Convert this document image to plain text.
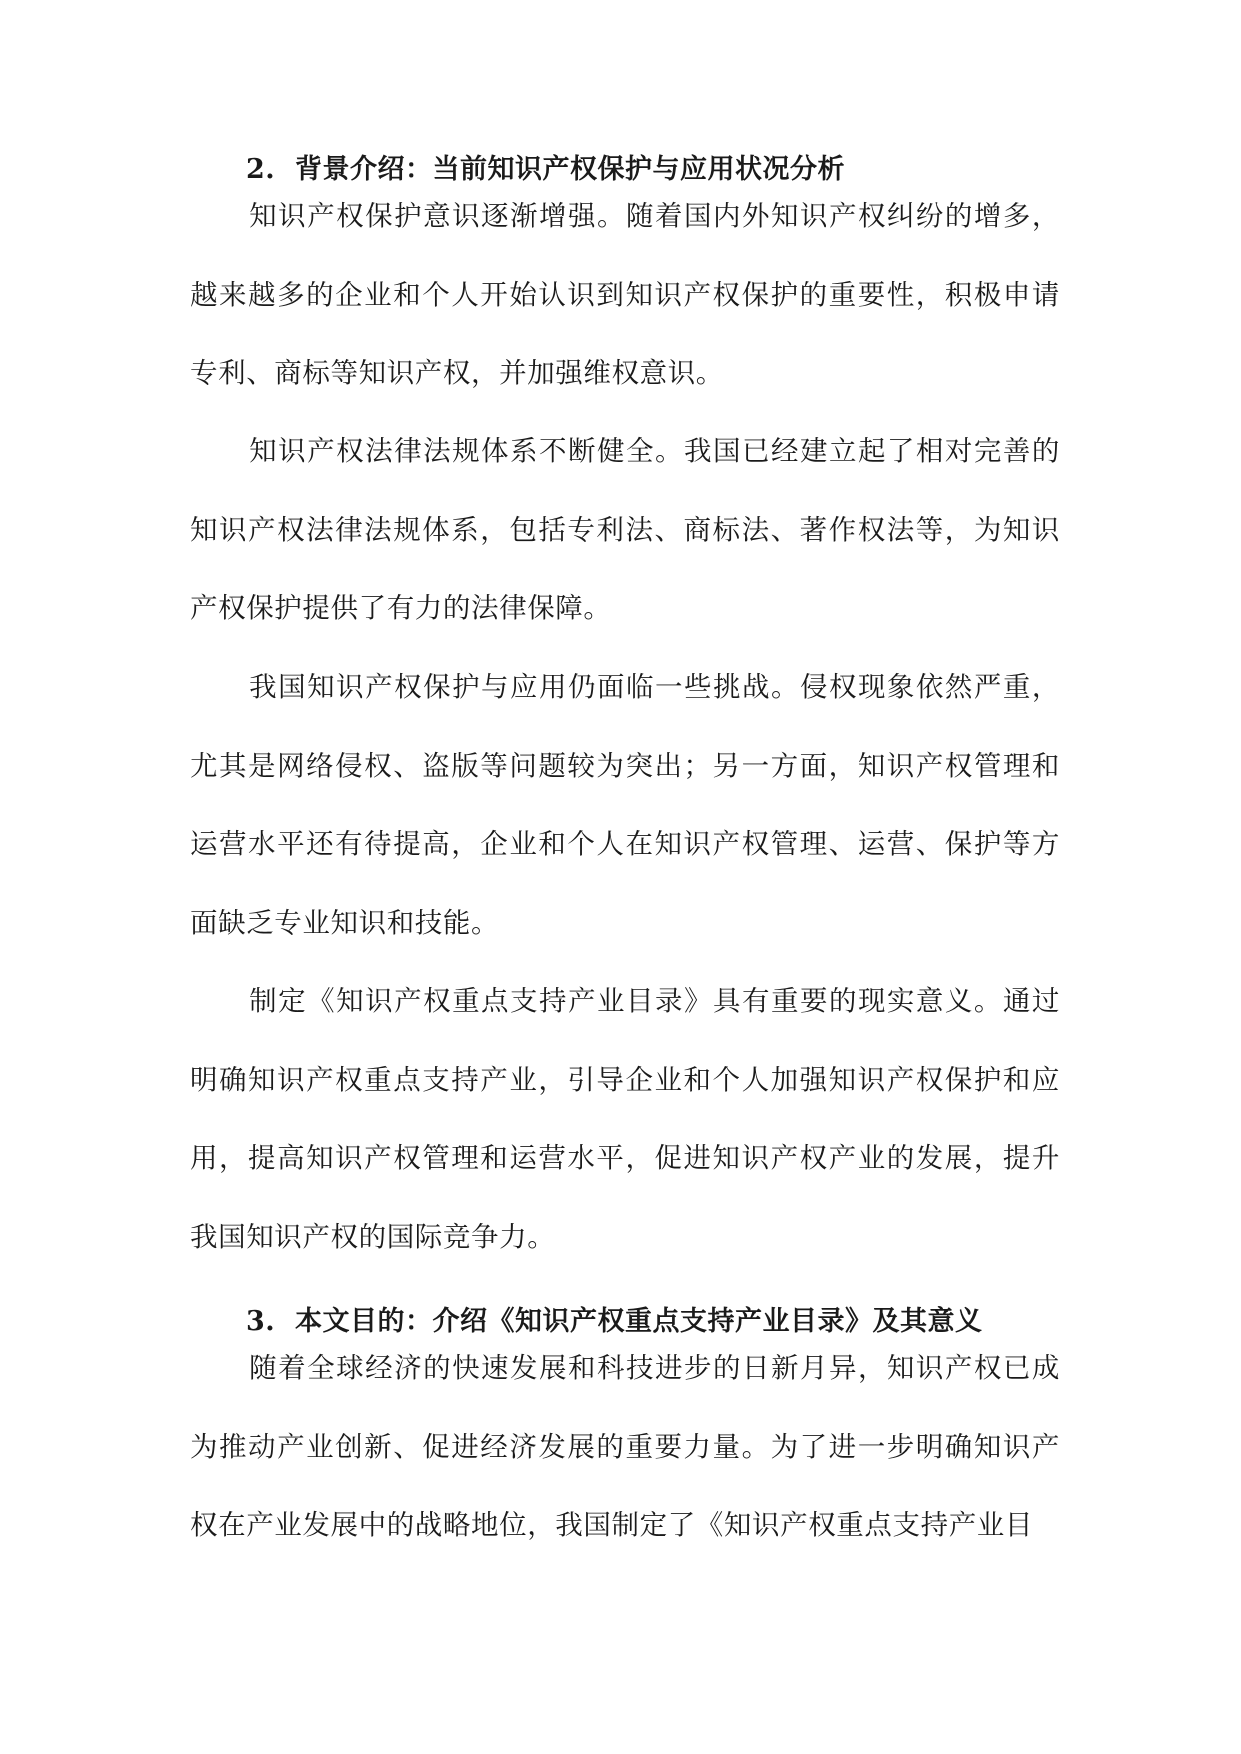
2. 背景介绍：当前知识产权保护与应用状况分析

知识产权保护意识逐渐增强。随着国内外知识产权纠纷的增多，越来越多的企业和个人开始认识到知识产权保护的重要性，积极申请专利、商标等知识产权，并加强维权意识。

知识产权法律法规体系不断健全。我国已经建立起了相对完善的知识产权法律法规体系，包括专利法、商标法、著作权法等，为知识产权保护提供了有力的法律保障。

我国知识产权保护与应用仍面临一些挑战。侵权现象依然严重，尤其是网络侵权、盗版等问题较为突出；另一方面，知识产权管理和运营水平还有待提高，企业和个人在知识产权管理、运营、保护等方面缺乏专业知识和技能。

制定《知识产权重点支持产业目录》具有重要的现实意义。通过明确知识产权重点支持产业，引导企业和个人加强知识产权保护和应用，提高知识产权管理和运营水平，促进知识产权产业的发展，提升我国知识产权的国际竞争力。

3. 本文目的：介绍《知识产权重点支持产业目录》及其意义

随着全球经济的快速发展和科技进步的日新月异，知识产权已成为推动产业创新、促进经济发展的重要力量。为了进一步明确知识产权在产业发展中的战略地位，我国制定了《知识产权重点支持产业目
